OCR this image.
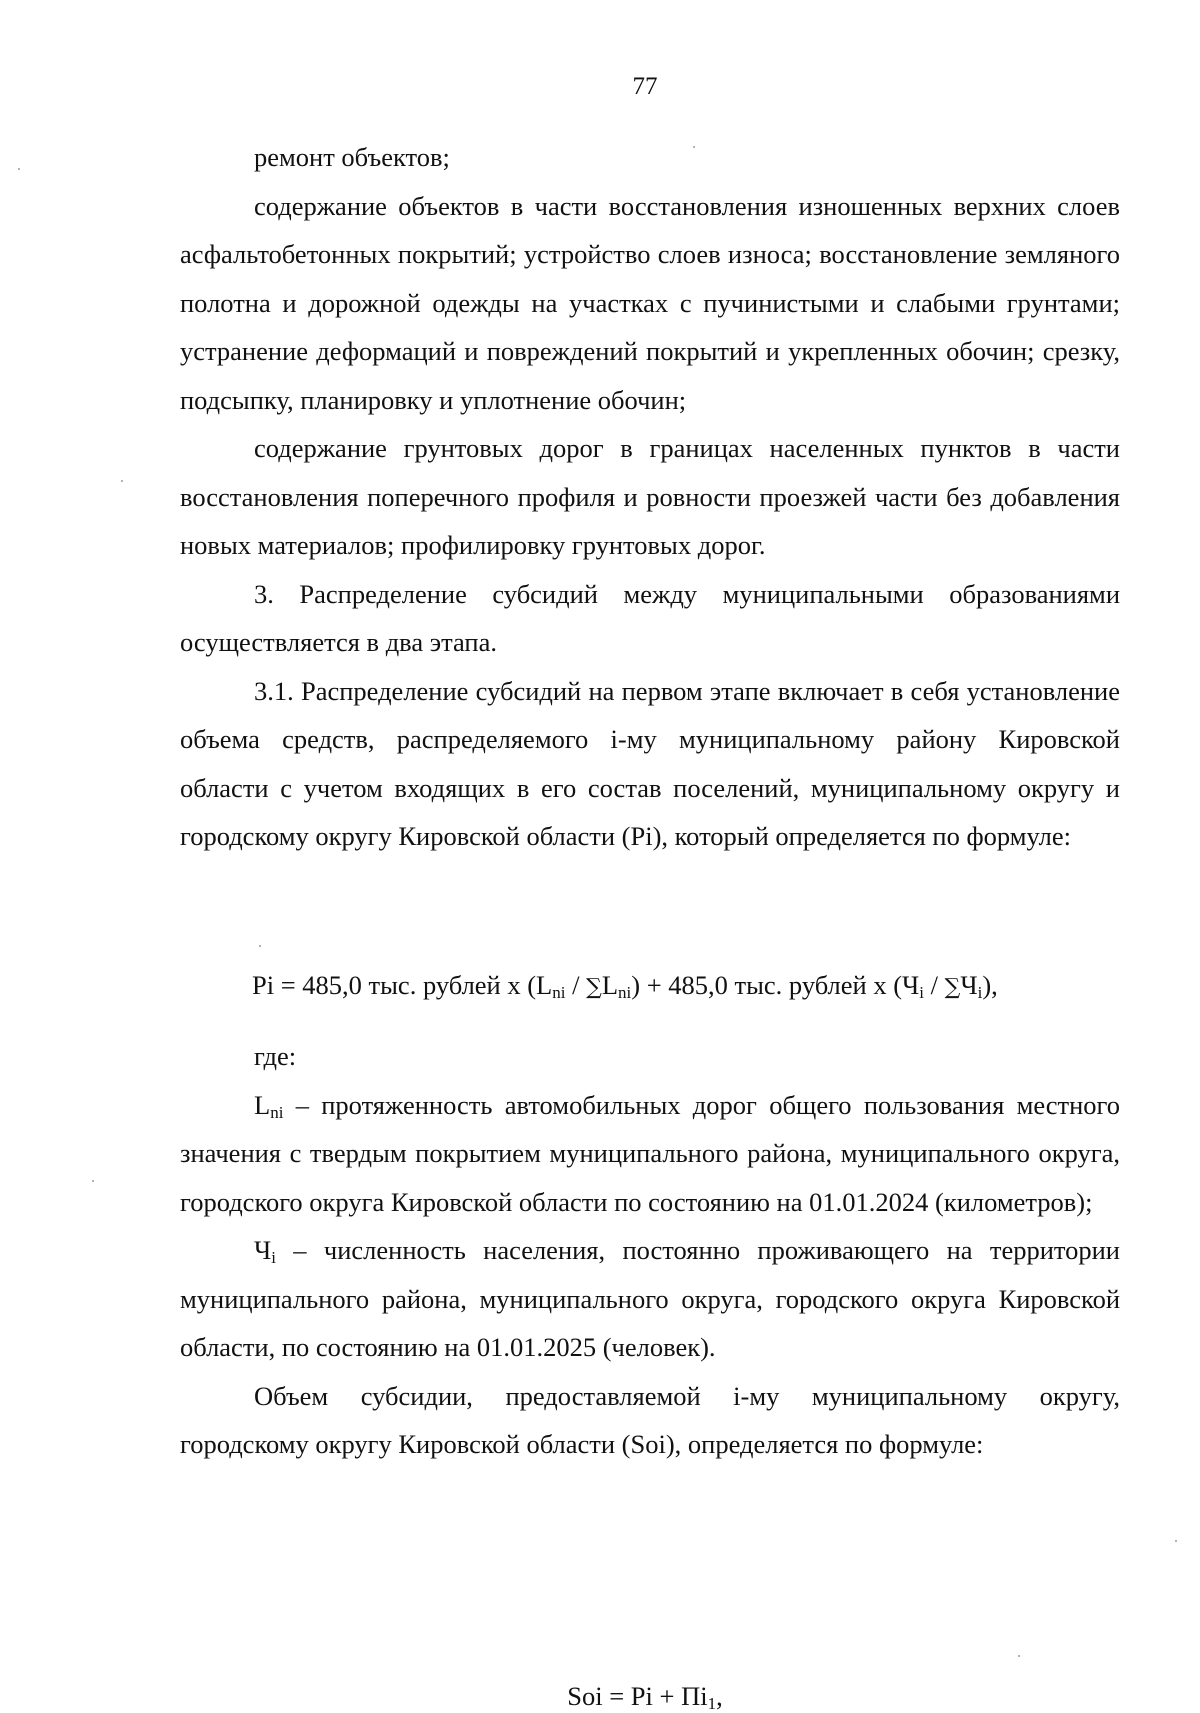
77

ремонт объектов;

содержание объектов в части восстановления изношенных верхних слоев асфальтобетонных покрытий; устройство слоев износа; восстановление земляного полотна и дорожной одежды на участках с пучинистыми и слабыми грунтами; устранение деформаций и повреждений покрытий и укрепленных обочин; срезку, подсыпку, планировку и уплотнение обочин;

содержание грунтовых дорог в границах населенных пунктов в части восстановления поперечного профиля и ровности проезжей части без добавления новых материалов; профилировку грунтовых дорог.

3. Распределение субсидий между муниципальными образованиями осуществляется в два этапа.

3.1. Распределение субсидий на первом этапе включает в себя установление объема средств, распределяемого i-му муниципальному району Кировской области с учетом входящих в его состав поселений, муниципальному округу и городскому округу Кировской области (Pi), который определяется по формуле:

Pi = 485,0 тыс. рублей х $(L_{ni} / \sum L_{ni}) + 485,0$ тыс. рублей х $(Ч_i / \sum Ч_i)$,

где:

$L_{ni}$ – протяженность автомобильных дорог общего пользования местного значения с твердым покрытием муниципального района, муниципального округа, городского округа Кировской области по состоянию на 01.01.2024 (километров);

$Ч_i$ – численность населения, постоянно проживающего на территории муниципального района, муниципального округа, городского округа Кировской области, по состоянию на 01.01.2025 (человек).

Объем субсидии, предоставляемой i-му муниципальному округу, городскому округу Кировской области (Soi), определяется по формуле:

Soi = $Pi + Пi_1$,
